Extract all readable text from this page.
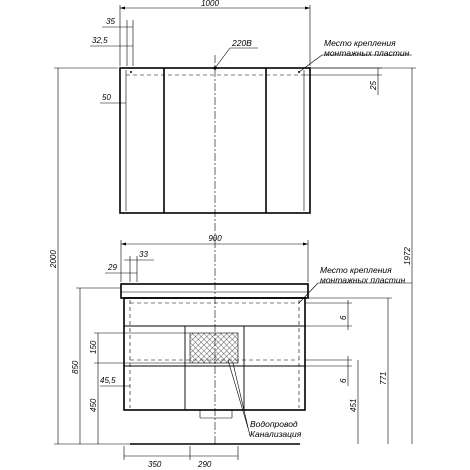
1000
35
32,5
50
25
220В	Место крепления
монтажных пластин
900
33
29
6
6	771
451
1972
2000
850
150
450
45,5
350	290
Место крепления
монтажных пластин
Водопровод
Канализация
